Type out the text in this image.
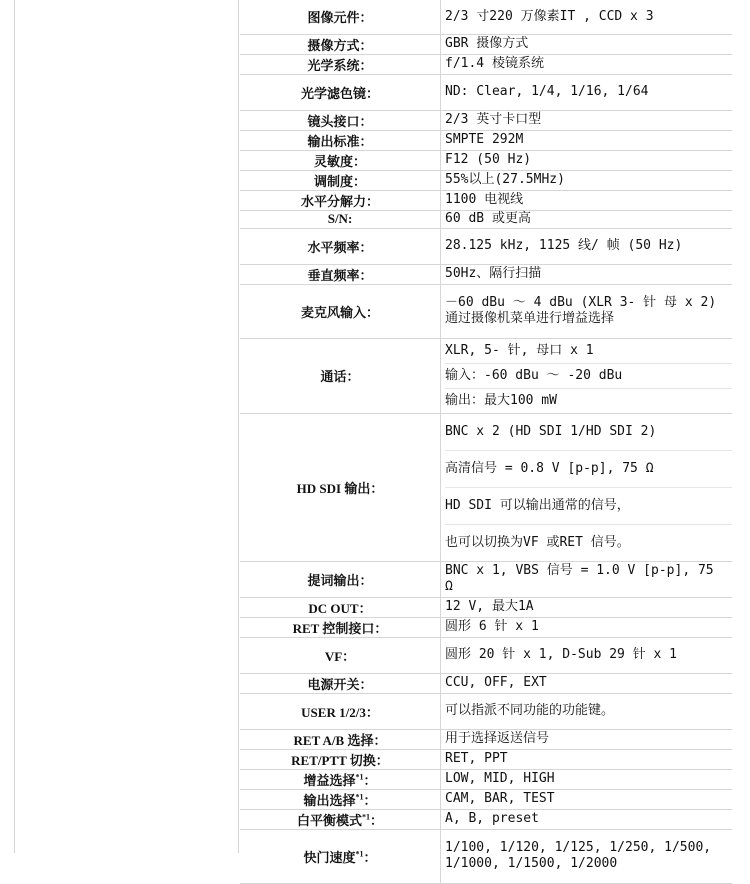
图像元件：	2/3 寸220 万像素IT , CCD x 3

摄像方式：	GBR 摄像方式

光学系统：	f/1.4 棱镜系统

光学滤色镜：	ND: Clear, 1/4, 1/16, 1/64

镜头接口：	2/3 英寸卡口型

输出标准：	SMPTE 292M

灵敏度：	F12 (50 Hz)

调制度：	55%以上(27.5MHz)

水平分解力：	1100 电视线

S/N:	60 dB 或更高

水平频率：	28.125 kHz, 1125 线/ 帧 (50 Hz)

垂直频率：	50Hz、隔行扫描

麦克风输入：	－60 dBu ～ 4 dBu (XLR 3- 针 母 x 2)
通过摄像机菜单进行增益选择

通话：	XLR, 5- 针, 母口 x 1
输入：-60 dBu ～ -20 dBu
输出：最大100 mW

HD SDI 输出：	BNC x 2 (HD SDI 1/HD SDI 2)
高清信号 = 0.8 V [p-p], 75 Ω
HD SDI 可以输出通常的信号，
也可以切换为VF 或RET 信号。

提词输出：	BNC x 1, VBS 信号 = 1.0 V [p-p], 75
Ω

DC OUT：	12 V, 最大1A

RET 控制接口：	圆形 6 针 x 1

VF：	圆形 20 针 x 1, D-Sub 29 针 x 1

电源开关：	CCU, OFF, EXT

USER 1/2/3：	可以指派不同功能的功能键。

RET A/B 选择：	用于选择返送信号

RET/PTT 切换：	RET, PPT

增益选择$^{*1}$：	LOW, MID, HIGH

输出选择$^{*1}$：	CAM, BAR, TEST

白平衡模式$^{*1}$：	A, B, preset

快门速度$^{*1}$：	1/100, 1/120, 1/125, 1/250, 1/500,
1/1000, 1/1500, 1/2000
